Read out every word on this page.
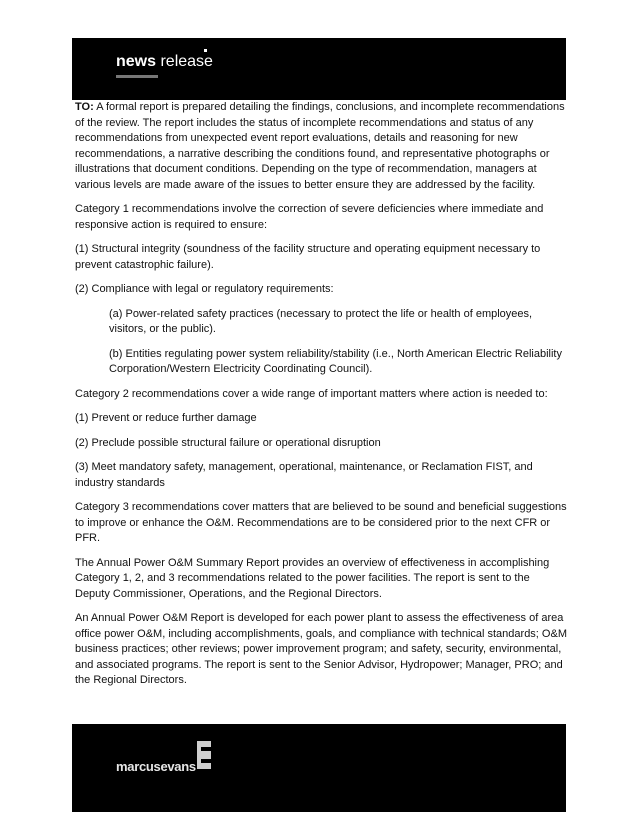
news release

TO: A formal report is prepared detailing the findings, conclusions, and incomplete recommendations of the review. The report includes the status of incomplete recommendations and status of any recommendations from unexpected event report evaluations, details and reasoning for new recommendations, a narrative describing the conditions found, and representative photographs or illustrations that document conditions. Depending on the type of recommendation, managers at various levels are made aware of the issues to better ensure they are addressed by the facility.

Category 1 recommendations involve the correction of severe deficiencies where immediate and responsive action is required to ensure:

(1) Structural integrity (soundness of the facility structure and operating equipment necessary to prevent catastrophic failure).

(2) Compliance with legal or regulatory requirements:

(a) Power-related safety practices (necessary to protect the life or health of employees, visitors, or the public).

(b) Entities regulating power system reliability/stability (i.e., North American Electric Reliability Corporation/Western Electricity Coordinating Council).

Category 2 recommendations cover a wide range of important matters where action is needed to:

(1) Prevent or reduce further damage

(2) Preclude possible structural failure or operational disruption

(3) Meet mandatory safety, management, operational, maintenance, or Reclamation FIST, and industry standards

Category 3 recommendations cover matters that are believed to be sound and beneficial suggestions to improve or enhance the O&M. Recommendations are to be considered prior to the next CFR or PFR.

The Annual Power O&M Summary Report provides an overview of effectiveness in accomplishing Category 1, 2, and 3 recommendations related to the power facilities. The report is sent to the Deputy Commissioner, Operations, and the Regional Directors.

An Annual Power O&M Report is developed for each power plant to assess the effectiveness of area office power O&M, including accomplishments, goals, and compliance with technical standards; O&M business practices; other reviews; power improvement program; and safety, security, environmental, and associated programs. The report is sent to the Senior Advisor, Hydropower; Manager, PRO; and the Regional Directors.

marcusevans
